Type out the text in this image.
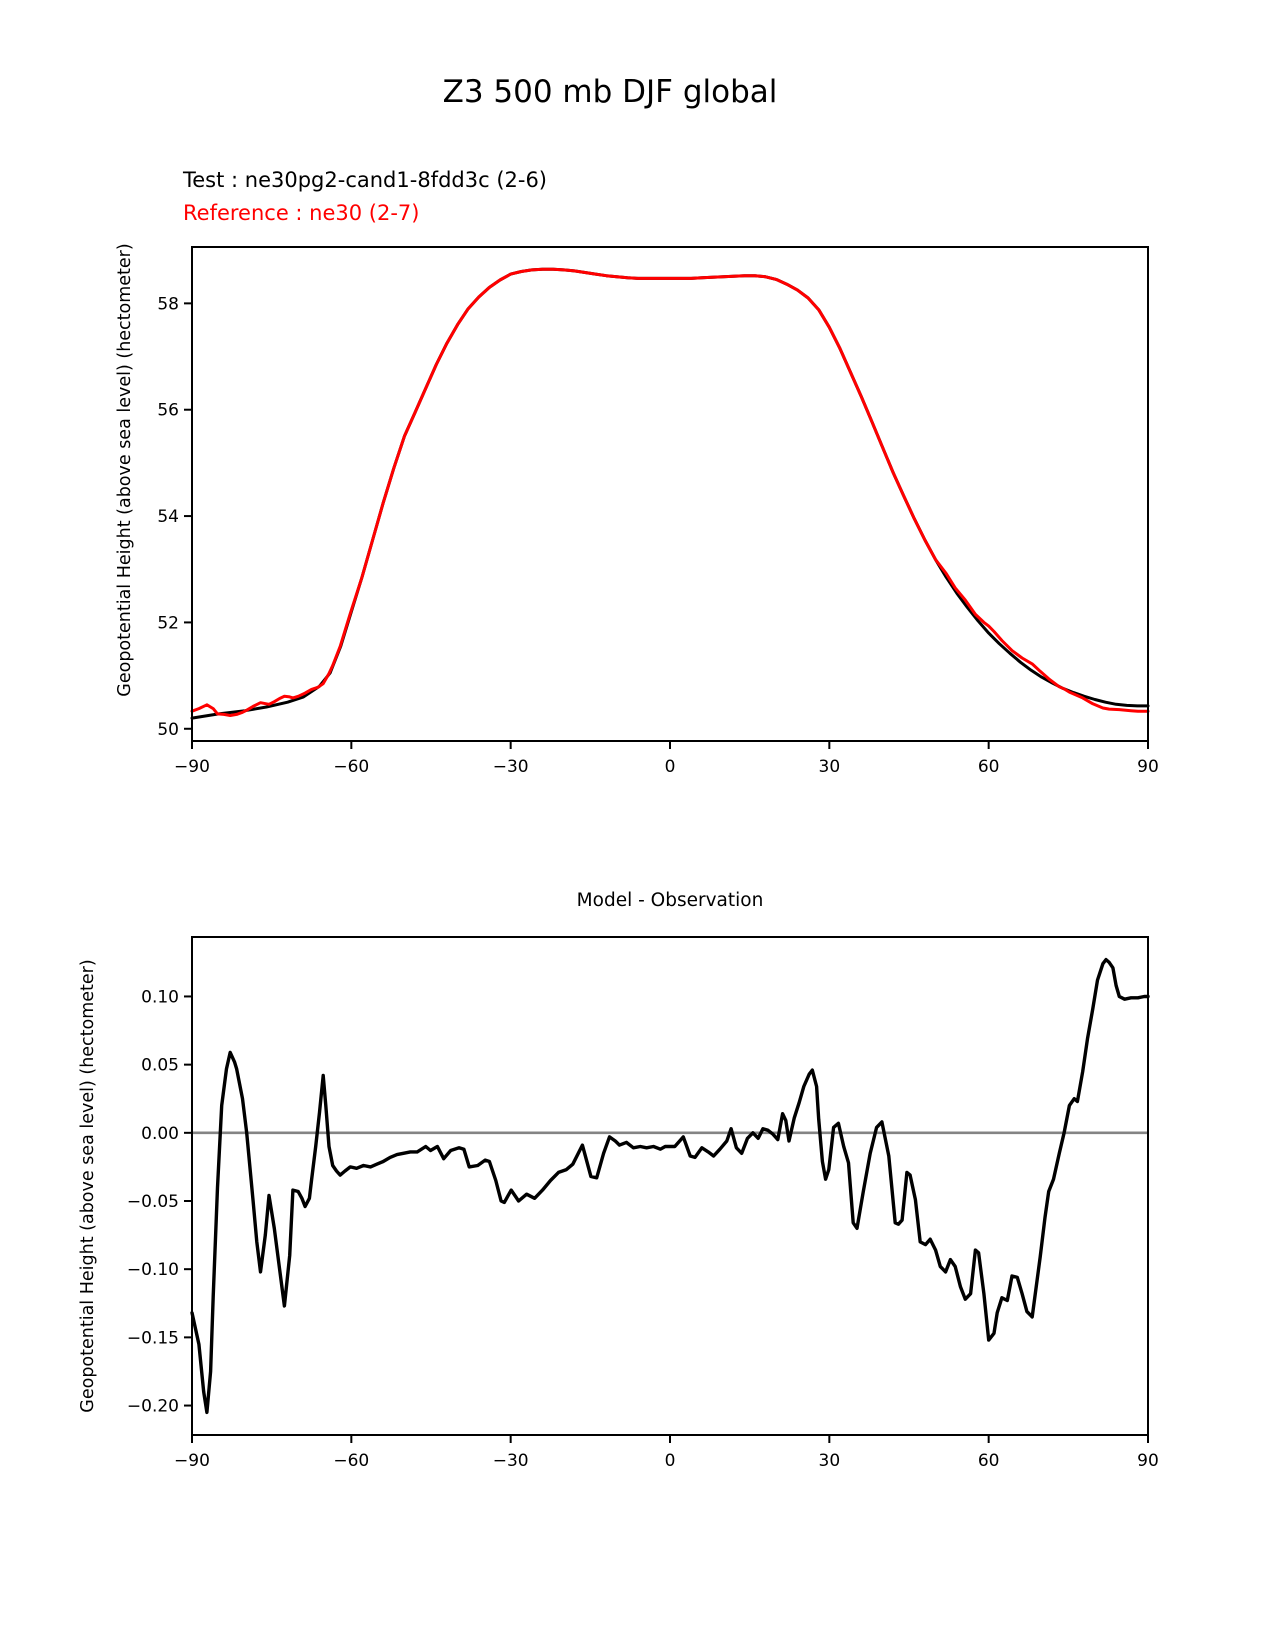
−90	−60	−30	0	30	60	90
50
52
54
56
58
−90	−60	−30	0	30	60	90
0.10
0.05
0.00
−0.05
−0.10
−0.15
−0.20
Z3 500 mb DJF global
Test : ne30pg2-cand1-8fdd3c (2-6)
Reference : ne30 (2-7)
Geopotential Height (above sea level) (hectometer)
Model - Observation
Geopotential Height (above sea level) (hectometer)
